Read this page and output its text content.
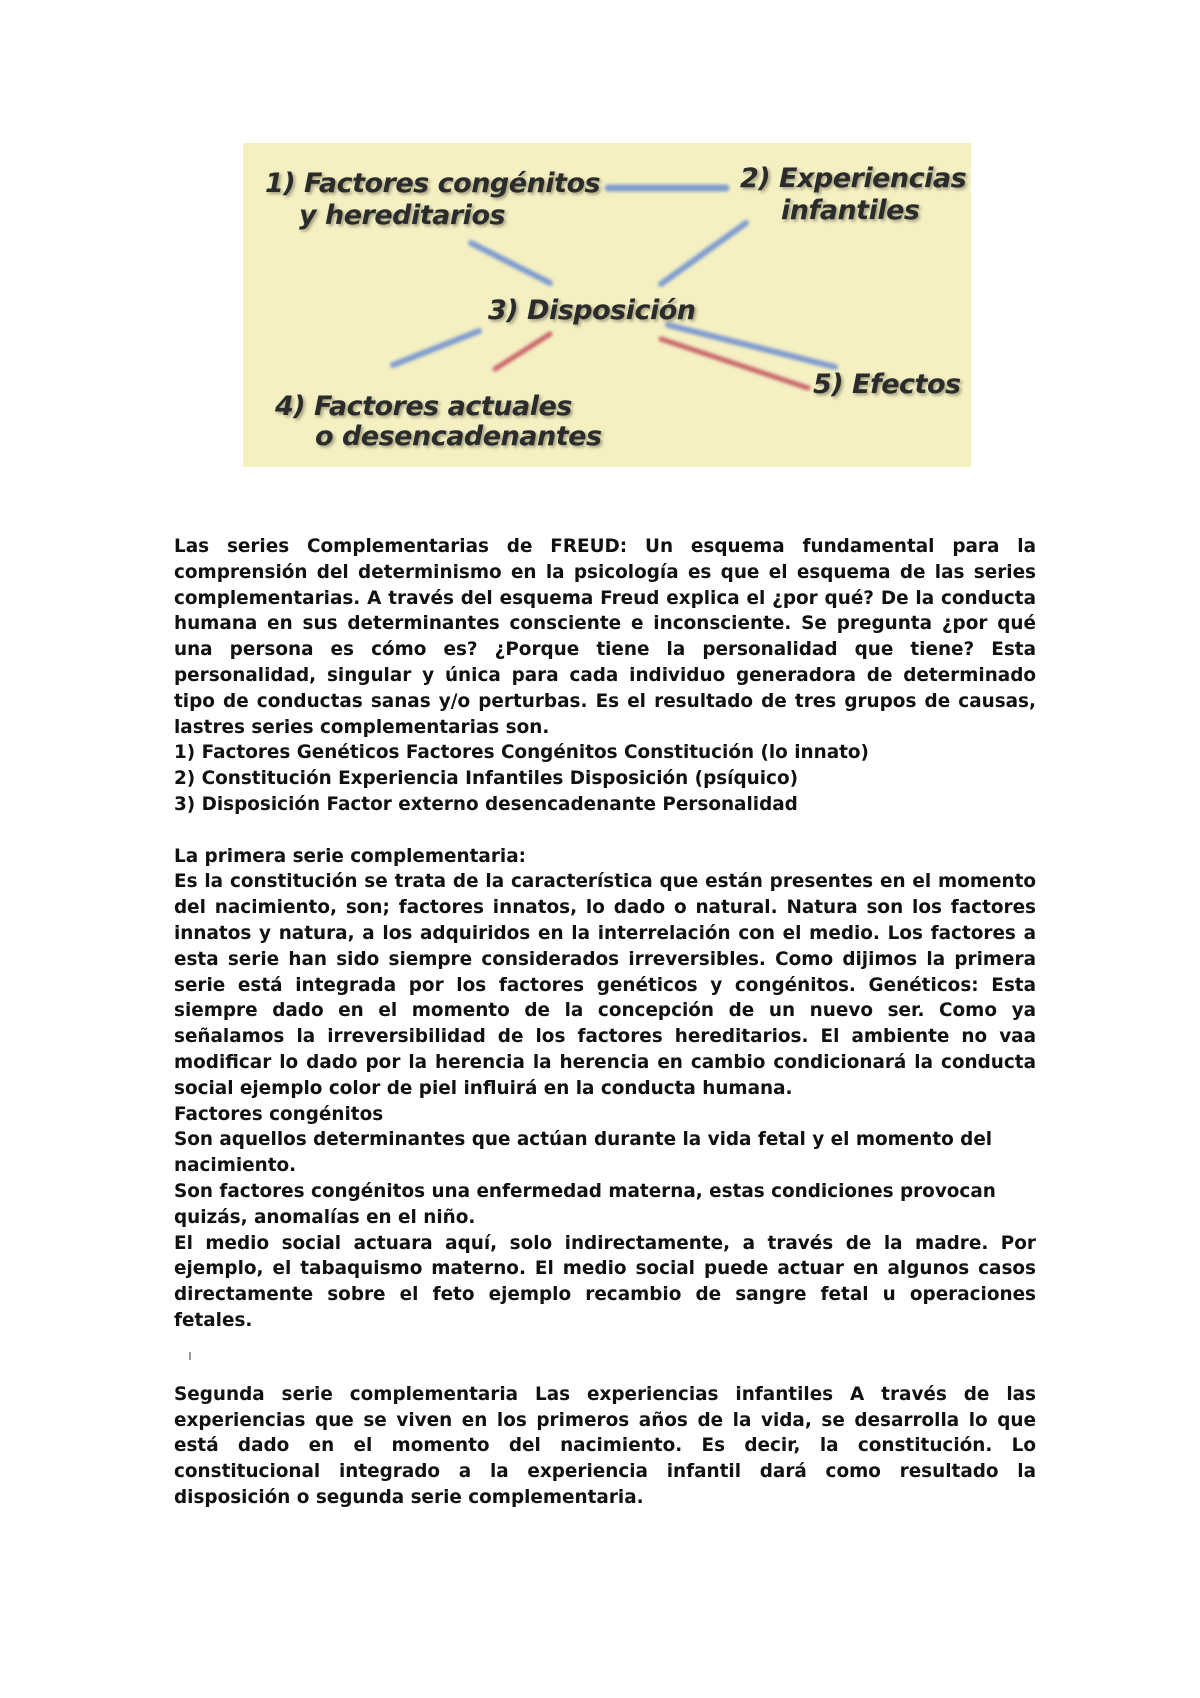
1) Factores congénitos
y hereditarios
2) Experiencias
infantiles
3) Disposición
4) Factores actuales
o desencadenantes
5) Efectos

Las series Complementarias de FREUD: Un esquema fundamental para la comprensión del determinismo en la psicología es que el esquema de las series complementarias. A través del esquema Freud explica el ¿por qué? De la conducta humana en sus determinantes consciente e inconsciente. Se pregunta ¿por qué una persona es cómo es? ¿Porque tiene la personalidad que tiene? Esta personalidad, singular y única para cada individuo generadora de determinado tipo de conductas sanas y/o perturbas. Es el resultado de tres grupos de causas, lastres series complementarias son.

1) Factores Genéticos Factores Congénitos Constitución (lo innato)

2) Constitución Experiencia Infantiles Disposición (psíquico)

3) Disposición Factor externo desencadenante Personalidad

La primera serie complementaria:

Es la constitución se trata de la característica que están presentes en el momento del nacimiento, son; factores innatos, lo dado o natural. Natura son los factores innatos y natura, a los adquiridos en la interrelación con el medio. Los factores a esta serie han sido siempre considerados irreversibles. Como dijimos la primera serie está integrada por los factores genéticos y congénitos. Genéticos: Esta siempre dado en el momento de la concepción de un nuevo ser. Como ya señalamos la irreversibilidad de los factores hereditarios. El ambiente no vaa modificar lo dado por la herencia la herencia en cambio condicionará la conducta social ejemplo color de piel influirá en la conducta humana.

Factores congénitos

Son aquellos determinantes que actúan durante la vida fetal y el momento del nacimiento.

Son factores congénitos una enfermedad materna, estas condiciones provocan quizás, anomalías en el niño.

El medio social actuara aquí, solo indirectamente, a través de la madre. Por ejemplo, el tabaquismo materno. El medio social puede actuar en algunos casos directamente sobre el feto ejemplo recambio de sangre fetal u operaciones fetales.

Segunda serie complementaria Las experiencias infantiles A través de las experiencias que se viven en los primeros años de la vida, se desarrolla lo que está dado en el momento del nacimiento. Es decir, la constitución. Lo constitucional integrado a la experiencia infantil dará como resultado la disposición o segunda serie complementaria.
